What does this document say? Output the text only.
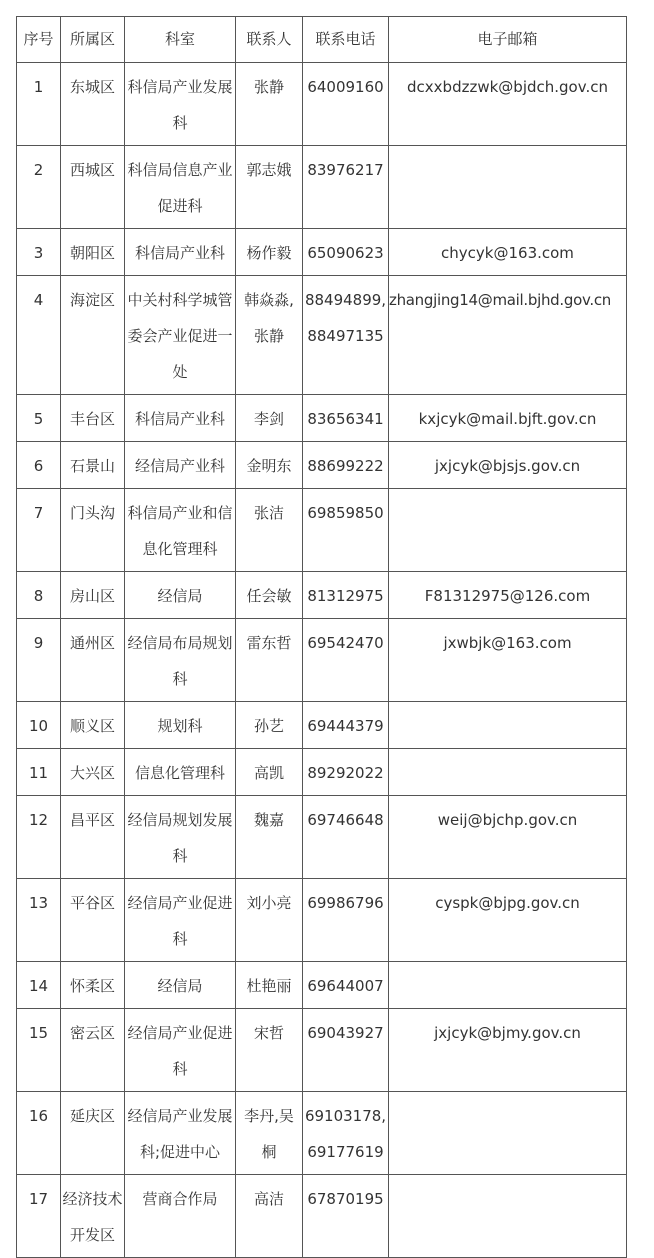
序号	所属区	科室	联系人	联系电话	电子邮箱
1	东城区	科信局产业发展科	张静	64009160	dcxxbdzzwk@bjdch.gov.cn
2	西城区	科信局信息产业促进科	郭志娥	83976217	
3	朝阳区	科信局产业科	杨作毅	65090623	chycyk@163.com
4	海淀区	中关村科学城管委会产业促进一处	韩焱淼,张静	88494899,88497135	zhangjing14@mail.bjhd.gov.cn
5	丰台区	科信局产业科	李剑	83656341	kxjcyk@mail.bjft.gov.cn
6	石景山	经信局产业科	金明东	88699222	jxjcyk@bjsjs.gov.cn
7	门头沟	科信局产业和信息化管理科	张洁	69859850	
8	房山区	经信局	任会敏	81312975	F81312975@126.com
9	通州区	经信局布局规划科	雷东哲	69542470	jxwbjk@163.com
10	顺义区	规划科	孙艺	69444379	
11	大兴区	信息化管理科	高凯	89292022	
12	昌平区	经信局规划发展科	魏嘉	69746648	weij@bjchp.gov.cn
13	平谷区	经信局产业促进科	刘小亮	69986796	cyspk@bjpg.gov.cn
14	怀柔区	经信局	杜艳丽	69644007	
15	密云区	经信局产业促进科	宋哲	69043927	jxjcyk@bjmy.gov.cn
16	延庆区	经信局产业发展科;促进中心	李丹,吴桐	69103178,69177619	
17	经济技术开发区	营商合作局	高洁	67870195	
